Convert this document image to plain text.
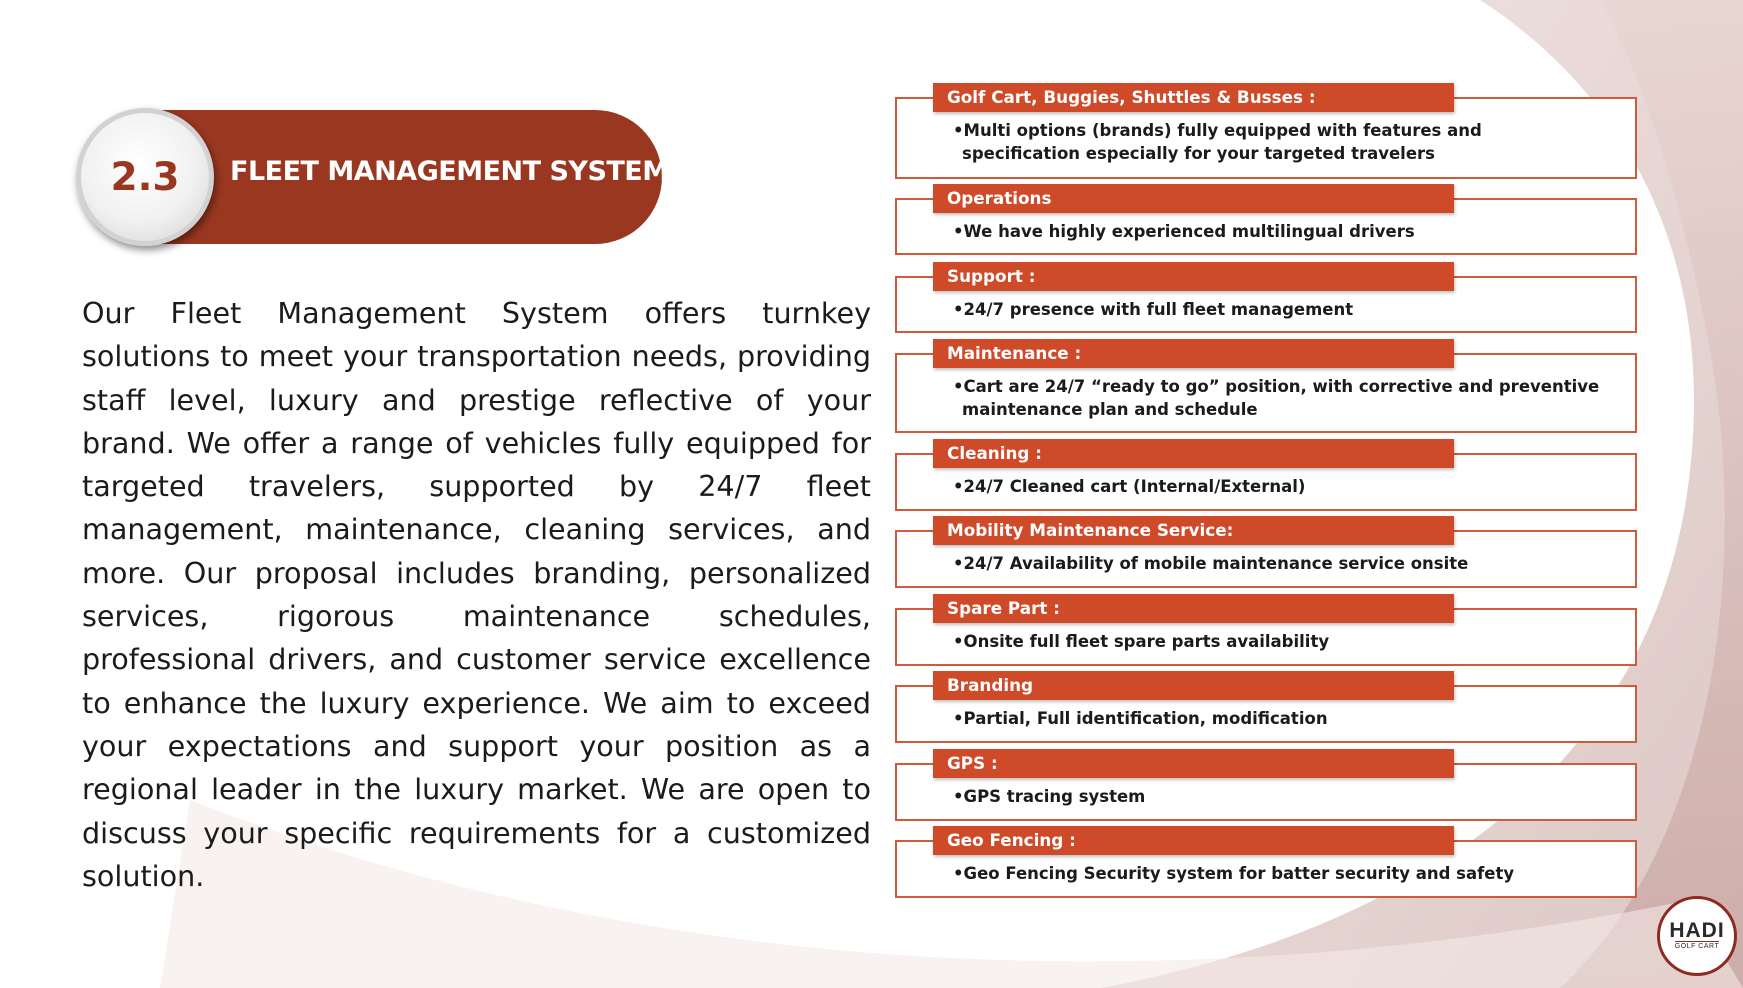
2.3 FLEET MANAGEMENT SYSTEM
Our Fleet Management System offers turnkey solutions to meet your transportation needs, providing staff level, luxury and prestige reflective of your brand. We offer a range of vehicles fully equipped for targeted travelers, supported by 24/7 fleet management, maintenance, cleaning services, and more. Our proposal includes branding, personalized services, rigorous maintenance schedules, professional drivers, and customer service excellence to enhance the luxury experience. We aim to exceed your expectations and support your position as a regional leader in the luxury market. We are open to discuss your specific requirements for a customized solution.
Golf Cart, Buggies, Shuttles & Busses :
•Multi options (brands) fully equipped with features and specification especially for your targeted travelers
Operations
•We have highly experienced multilingual drivers
Support :
•24/7 presence with full fleet management
Maintenance :
•Cart are 24/7 “ready to go” position, with corrective and preventive maintenance plan and schedule
Cleaning :
•24/7 Cleaned cart (Internal/External)
Mobility Maintenance Service:
•24/7 Availability of mobile maintenance service onsite
Spare Part :
•Onsite full fleet spare parts availability
Branding
•Partial, Full identification, modification
GPS :
•GPS tracing system
Geo Fencing :
•Geo Fencing Security system for batter security and safety
HADI
GOLF CART
